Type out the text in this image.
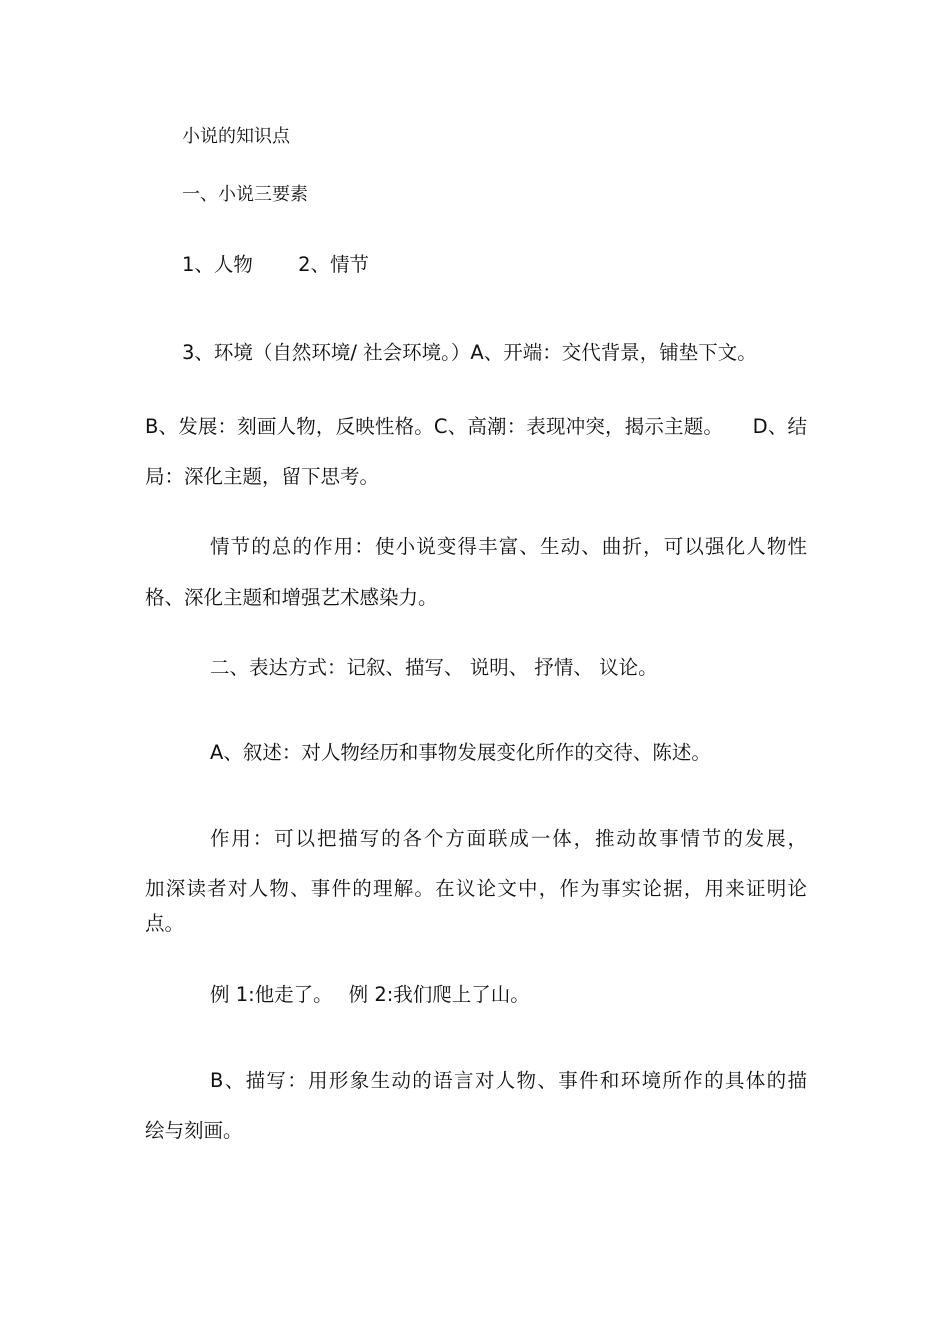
小说的知识点

一、小说三要素

1、人物　　 2、情节

3、环境（自然环境/ 社会环境。）A、开端：交代背景，铺垫下文。

B、发展：刻画人物，反映性格。C、高潮：表现冲突，揭示主题。　　D、结

局：深化主题，留下思考。

情节的总的作用：使小说变得丰富、生动、曲折，可以强化人物性

格、深化主题和增强艺术感染力。

二、表达方式：记叙、描写、 说明、 抒情、 议论。

A、叙述：对人物经历和事物发展变化所作的交待、陈述。

作用：可以把描写的各个方面联成一体，推动故事情节的发展，

加深读者对人物、事件的理解。在议论文中，作为事实论据，用来证明论

点。

例 1:他走了。　 例 2:我们爬上了山。

B、描写：用形象生动的语言对人物、事件和环境所作的具体的描

绘与刻画。
